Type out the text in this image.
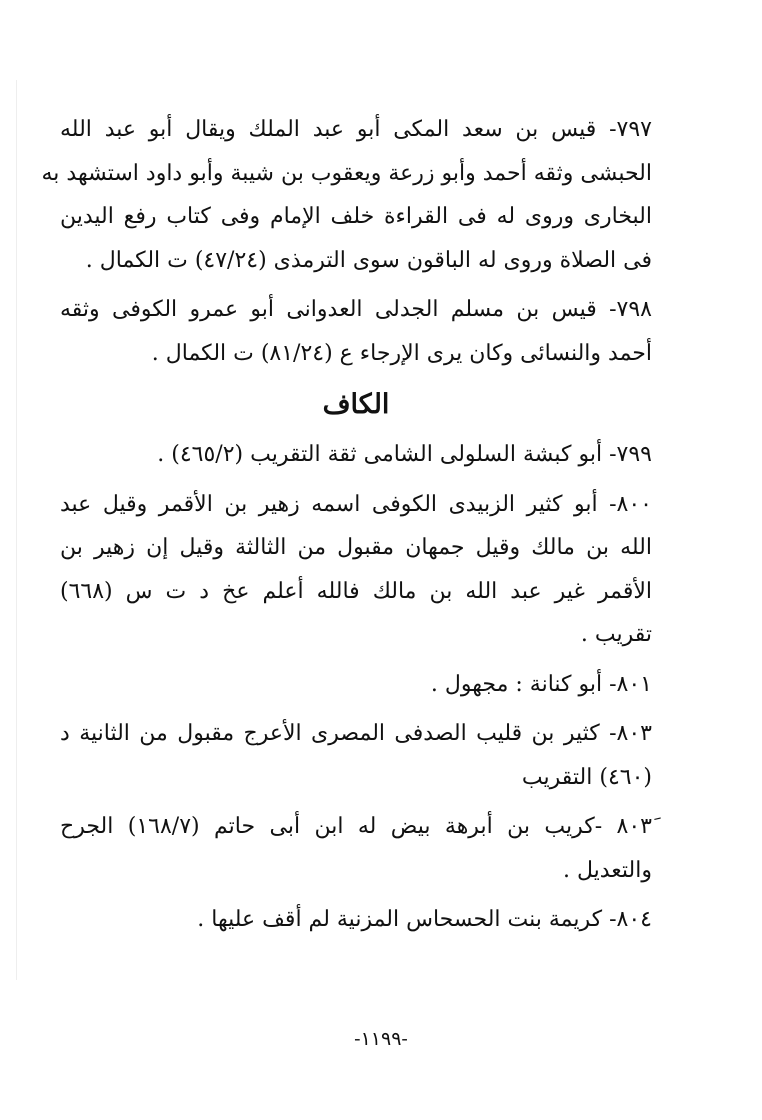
٧٩٧- قيس بن سعد المكى أبو عبد الملك ويقال أبو عبد الله
الحبشى وثقه أحمد وأبو زرعة ويعقوب بن شيبة وأبو داود استشهد به
البخارى وروى له فى القراءة خلف الإمام وفى كتاب رفع اليدين
فى الصلاة وروى له الباقون سوى الترمذى (٤٧/٢٤) ت الكمال .
٧٩٨- قيس بن مسلم الجدلى العدوانى أبو عمرو الكوفى وثقه
أحمد والنسائى وكان يرى الإرجاء ع (٨١/٢٤) ت الكمال .
الكاف
٧٩٩- أبو كبشة السلولى الشامى ثقة التقريب (٤٦٥/٢) .
٨٠٠- أبو كثير الزبيدى الكوفى اسمه زهير بن الأقمر وقيل عبد
الله بن مالك وقيل جمهان مقبول من الثالثة وقيل إن زهير بن
الأقمر غير عبد الله بن مالك فالله أعلم عخ د ت س (٦٦٨)
تقريب .
٨٠١- أبو كنانة : مجهول .
٨٠٣- كثير بن قليب الصدفى المصرى الأعرج مقبول من الثانية د
(٤٦٠) التقريب
٨٠٣َ -كريب بن أبرهة بيض له ابن أبى حاتم (١٦٨/٧) الجرح
والتعديل .
٨٠٤- كريمة بنت الحسحاس المزنية لم أقف عليها .
-١١٩٩-
